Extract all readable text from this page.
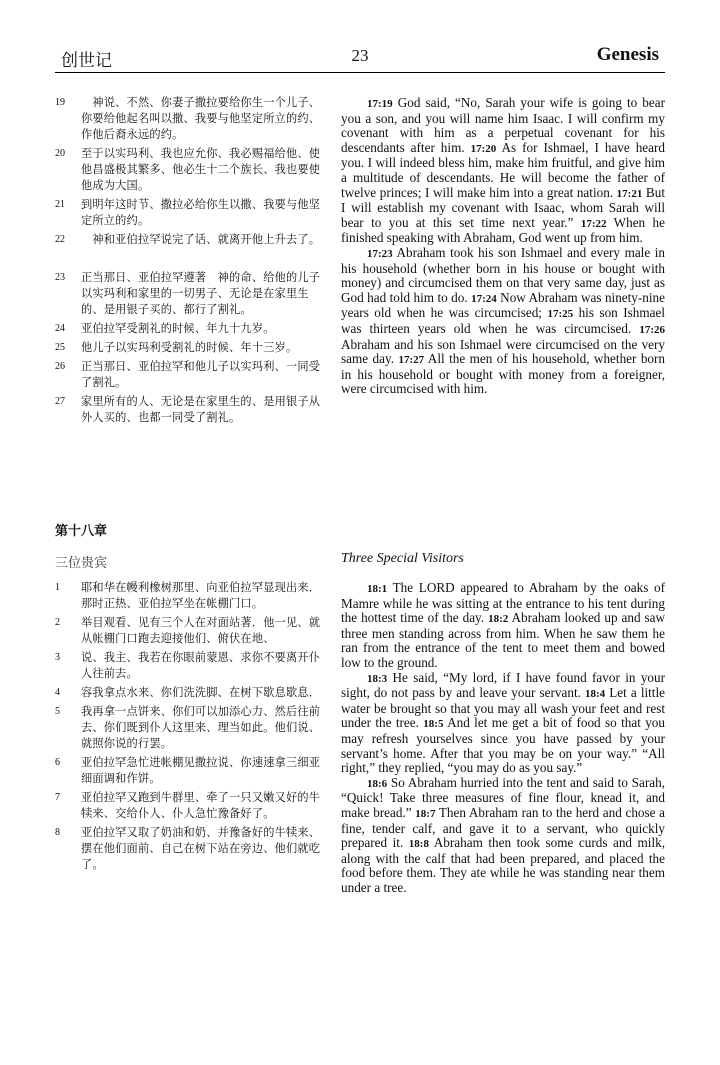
创世记	23	Genesis
19	　神说、不然、你妻子撒拉要给你生一个儿子、你要给他起名叫以撒、我要与他坚定所立的约、作他后裔永远的约。
20	至于以实玛利、我也应允你、我必赐福给他、使他昌盛极其繁多、他必生十二个族长、我也要使他成为大国。
21	到明年这时节、撒拉必给你生以撒、我要与他坚定所立的约。
22	　神和亚伯拉罕说完了话、就离开他上升去了。
23	正当那日、亚伯拉罕遵著　神的命、给他的儿子以实玛利和家里的一切男子、无论是在家里生的、是用银子买的、都行了割礼。
24	亚伯拉罕受割礼的时候、年九十九岁。
25	他儿子以实玛利受割礼的时候、年十三岁。
26	正当那日、亚伯拉罕和他儿子以实玛利、一同受了割礼。
27	家里所有的人、无论是在家里生的、是用银子从外人买的、也都一同受了割礼。

17:19 God said, “No, Sarah your wife is going to bear you a son, and you will name him Isaac. I will confirm my covenant with him as a perpetual covenant for his descendants after him. 17:20 As for Ishmael, I have heard you. I will indeed bless him, make him fruitful, and give him a multitude of descendants. He will become the father of twelve princes; I will make him into a great nation. 17:21 But I will establish my covenant with Isaac, whom Sarah will bear to you at this set time next year.” 17:22 When he finished speaking with Abraham, God went up from him.

17:23 Abraham took his son Ishmael and every male in his household (whether born in his house or bought with money) and circumcised them on that very same day, just as God had told him to do. 17:24 Now Abraham was ninety-nine years old when he was circumcised; 17:25 his son Ishmael was thirteen years old when he was circumcised. 17:26 Abraham and his son Ishmael were circumcised on the very same day. 17:27 All the men of his household, whether born in his household or bought with money from a foreigner, were circumcised with him.

第十八章
三位贵宾	Three Special Visitors
1	耶和华在幔利橡树那里、向亚伯拉罕显现出来．那时正热、亚伯拉罕坐在帐棚门口。
2	举目观看、见有三个人在对面站著．他一见、就从帐棚门口跑去迎接他们、俯伏在地、
3	说、我主、我若在你眼前蒙恩、求你不要离开仆人往前去。
4	容我拿点水来、你们洗洗脚、在树下歇息歇息．
5	我再拿一点饼来、你们可以加添心力、然后往前去、你们既到仆人这里来、理当如此。他们说、就照你说的行罢。
6	亚伯拉罕急忙进帐棚见撒拉说、你速速拿三细亚细面调和作饼。
7	亚伯拉罕又跑到牛群里、牵了一只又嫩又好的牛犊来、交给仆人、仆人急忙豫备好了。
8	亚伯拉罕又取了奶油和奶、并豫备好的牛犊来、摆在他们面前、自己在树下站在旁边、他们就吃了。

18:1 The LORD appeared to Abraham by the oaks of Mamre while he was sitting at the entrance to his tent during the hottest time of the day. 18:2 Abraham looked up and saw three men standing across from him. When he saw them he ran from the entrance of the tent to meet them and bowed low to the ground.

18:3 He said, “My lord, if I have found favor in your sight, do not pass by and leave your servant. 18:4 Let a little water be brought so that you may all wash your feet and rest under the tree. 18:5 And let me get a bit of food so that you may refresh yourselves since you have passed by your servant’s home. After that you may be on your way.” “All right,” they replied, “you may do as you say.”

18:6 So Abraham hurried into the tent and said to Sarah, “Quick! Take three measures of fine flour, knead it, and make bread.” 18:7 Then Abraham ran to the herd and chose a fine, tender calf, and gave it to a servant, who quickly prepared it. 18:8 Abraham then took some curds and milk, along with the calf that had been prepared, and placed the food before them. They ate while he was standing near them under a tree.
